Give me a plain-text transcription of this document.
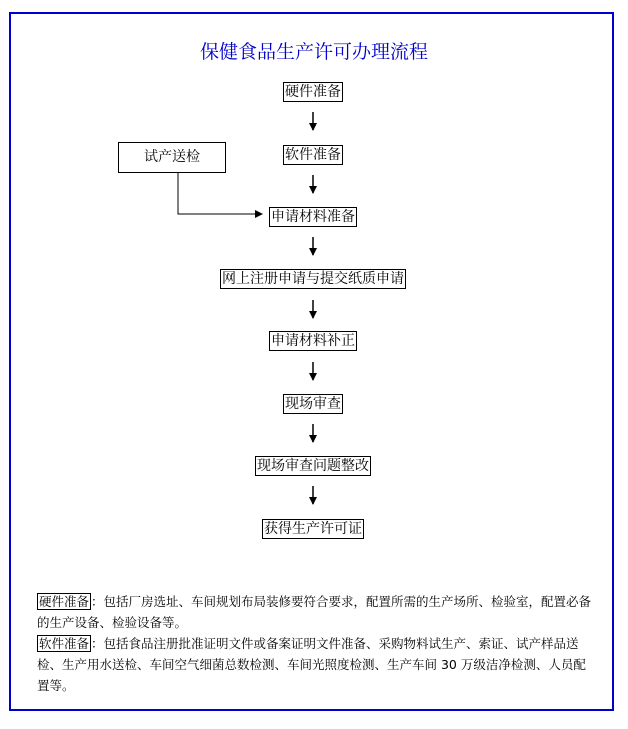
保健食品生产许可办理流程
试产送检
硬件准备
软件准备
申请材料准备
网上注册申请与提交纸质申请
申请材料补正
现场审查
现场审查问题整改
获得生产许可证
硬件准备 ：包括厂房选址、车间规划布局装修要符合要求，配置所需的生产场所、检验室，配置必备的生产设备、检验设备等。
软件准备 ：包括食品注册批准证明文件或备案证明文件准备、采购物料试生产、索证、试产样品送检、生产用水送检、车间空气细菌总数检测、车间光照度检测、生产车间 30 万级洁净检测、人员配置等。
